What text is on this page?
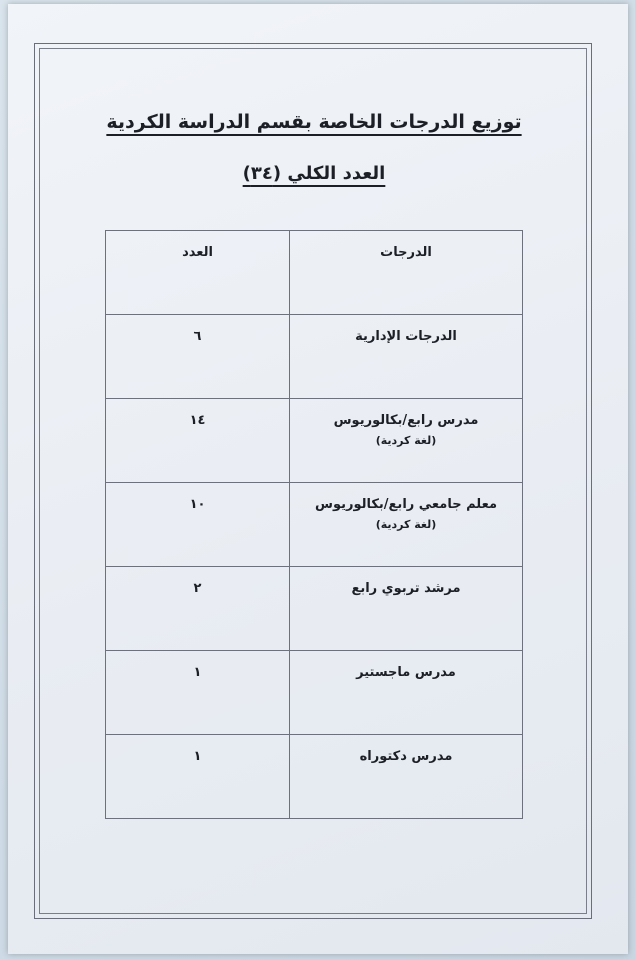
توزيع الدرجات الخاصة بقسم الدراسة الكردية
العدد الكلي (٣٤)
الدرجات	العدد
الدرجات الإدارية	٦
مدرس رابع/بكالوريوس
(لغة كردية)	١٤
معلم جامعي رابع/بكالوريوس
(لغة كردية)	١٠
مرشد تربوي رابع	٢
مدرس ماجستير	١
مدرس دكتوراه	١
